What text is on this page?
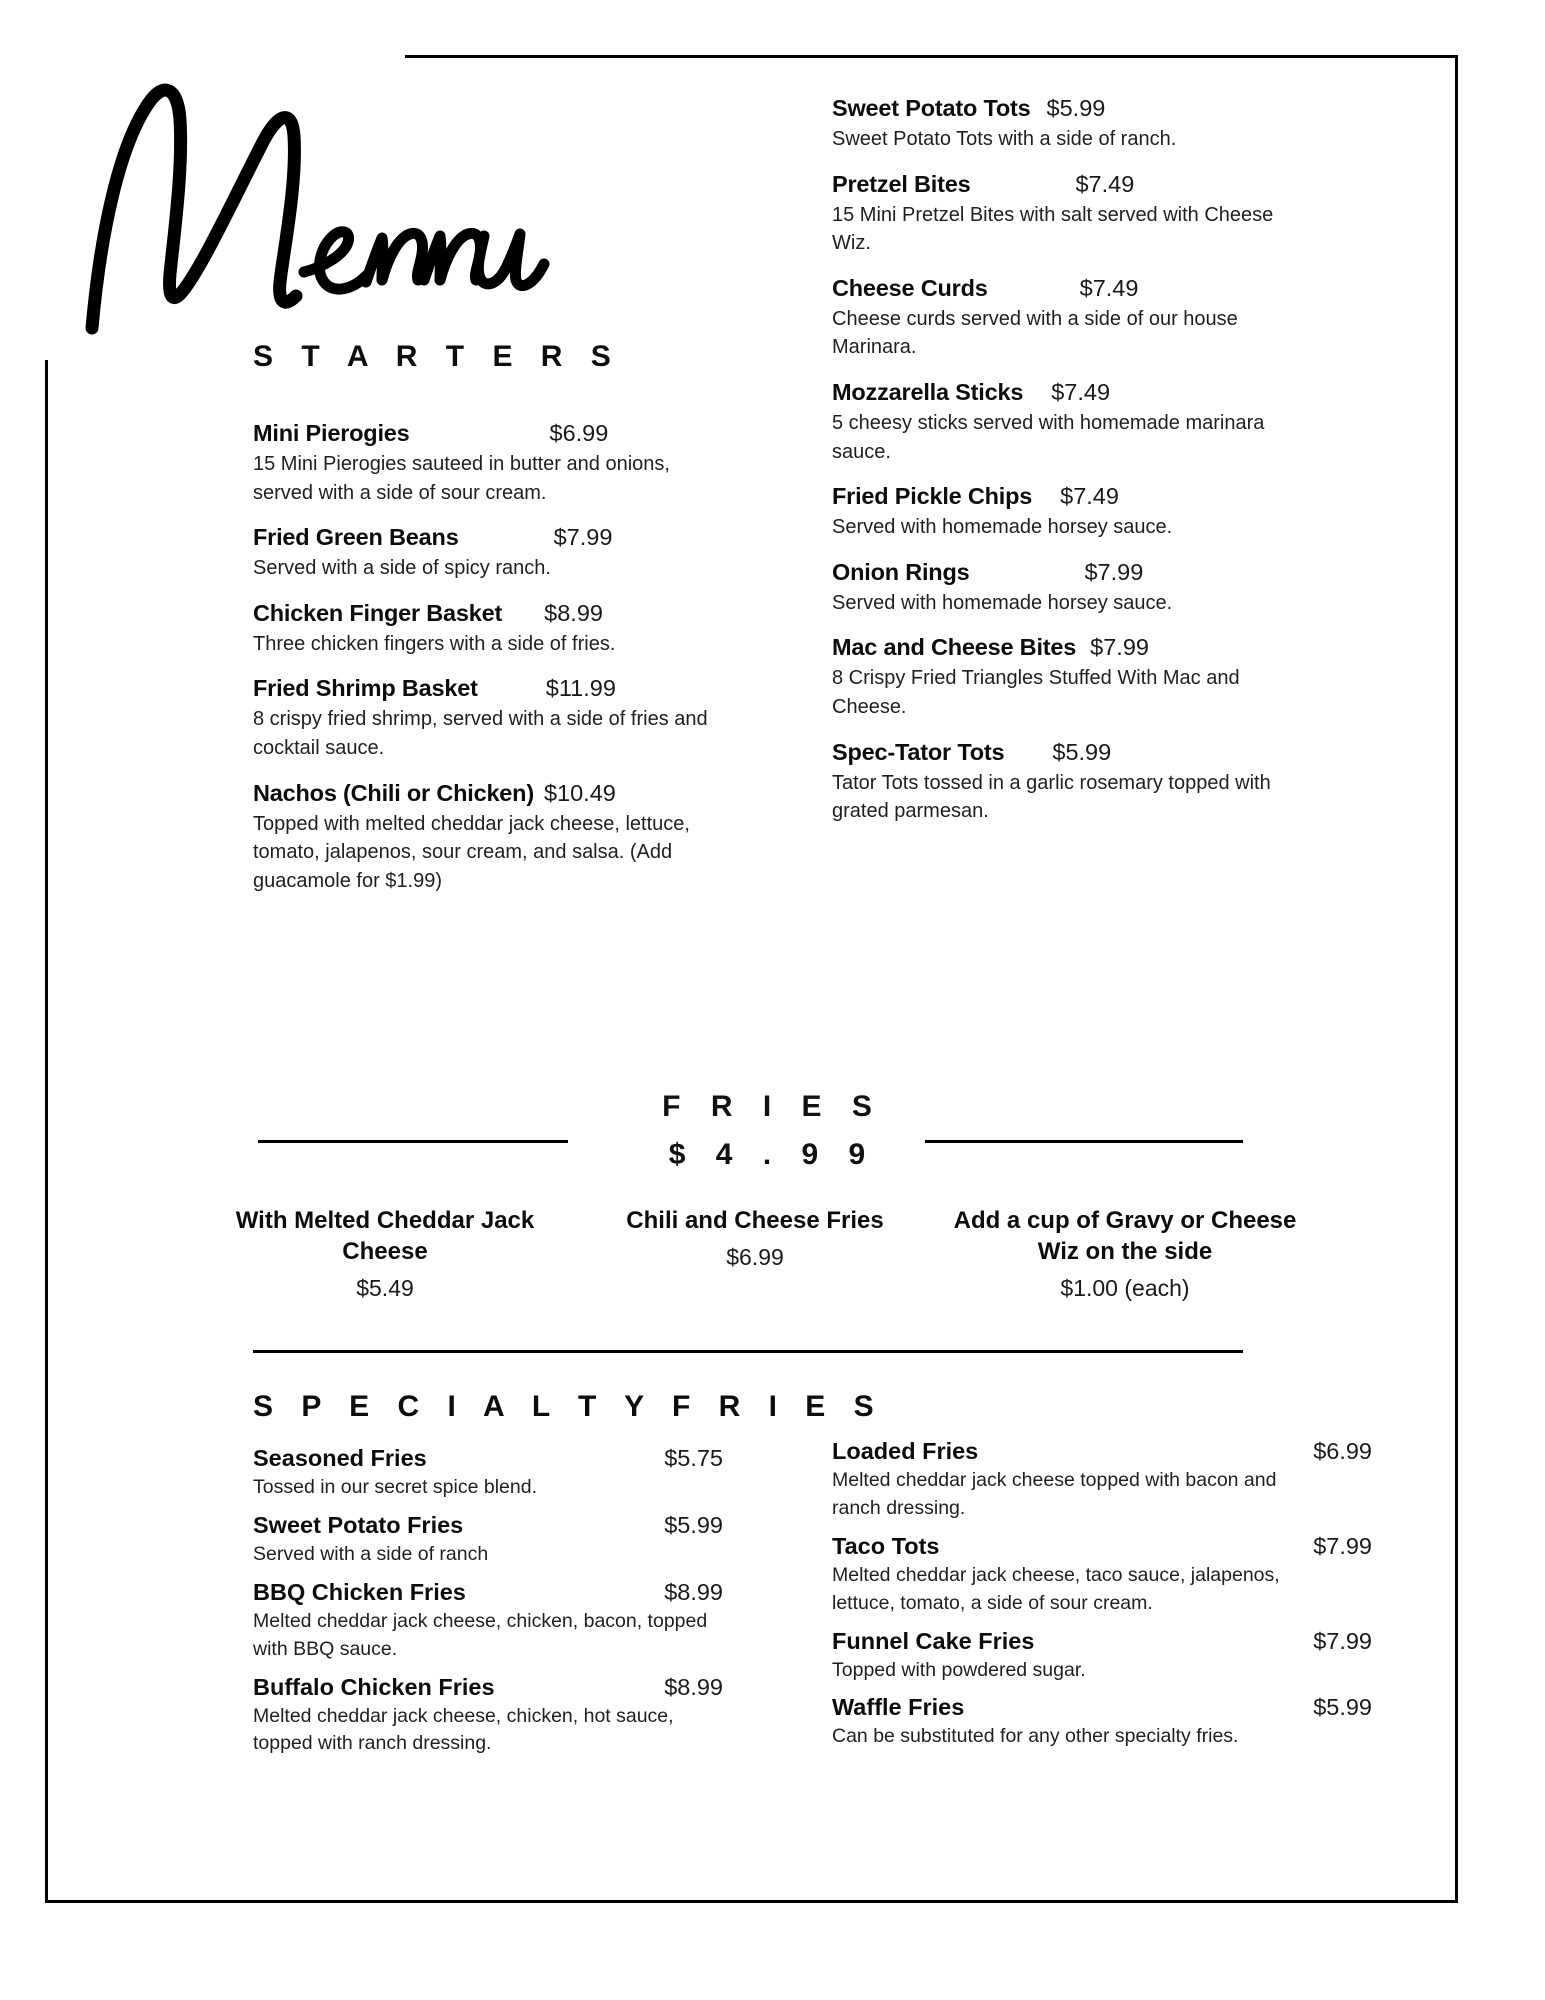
S T A R T E R S
Mini Pierogies	$6.99
15 Mini Pierogies sauteed in butter and onions, served with a side of sour cream.
Fried Green Beans	$7.99
Served with a side of spicy ranch.
Chicken Finger Basket $8.99
Three chicken fingers with a side of fries.
Fried Shrimp Basket	$11.99
8 crispy fried shrimp, served with a side of fries and cocktail sauce.
Nachos (Chili or Chicken) $10.49
Topped with melted cheddar jack cheese, lettuce, tomato, jalapenos, sour cream, and salsa. (Add guacamole for $1.99)
Sweet Potato Tots $5.99
Sweet Potato Tots with a side of ranch.
Pretzel Bites	$7.49
15 Mini Pretzel Bites with salt served with Cheese Wiz.
Cheese Curds	$7.49
Cheese curds served with a side of our house Marinara.
Mozzarella Sticks $7.49
5 cheesy sticks served with homemade marinara sauce.
Fried Pickle Chips $7.49
Served with homemade horsey sauce.
Onion Rings	$7.99
Served with homemade horsey sauce.
Mac and Cheese Bites $7.99
8 Crispy Fried Triangles Stuffed With Mac and Cheese.
Spec-Tator Tots $5.99
Tator Tots tossed in a garlic rosemary topped with grated parmesan.
F R I E S
$ 4 . 9 9
With Melted Cheddar Jack Cheese
$5.49
Chili and Cheese Fries
$6.99
Add a cup of Gravy or Cheese Wiz on the side
$1.00 (each)
S P E C I A L T Y F R I E S
Seasoned Fries	$5.75
Tossed in our secret spice blend.
Sweet Potato Fries	$5.99
Served with a side of ranch
BBQ Chicken Fries	$8.99
Melted cheddar jack cheese, chicken, bacon, topped with BBQ sauce.
Buffalo Chicken Fries	$8.99
Melted cheddar jack cheese, chicken, hot sauce, topped with ranch dressing.
Loaded Fries	$6.99
Melted cheddar jack cheese topped with bacon and ranch dressing.
Taco Tots	$7.99
Melted cheddar jack cheese, taco sauce, jalapenos, lettuce, tomato, a side of sour cream.
Funnel Cake Fries	$7.99
Topped with powdered sugar.
Waffle Fries	$5.99
Can be substituted for any other specialty fries.
